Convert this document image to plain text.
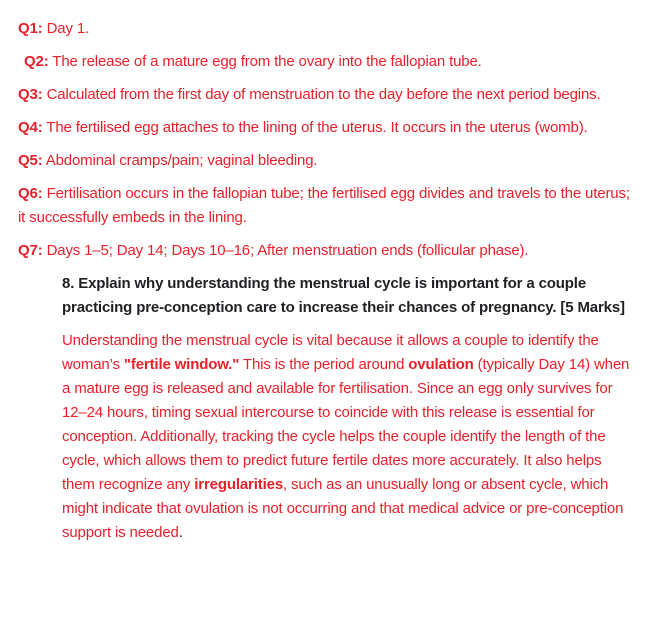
Q1: Day 1.

Q2: The release of a mature egg from the ovary into the fallopian tube.

Q3: Calculated from the first day of menstruation to the day before the next period begins.

Q4: The fertilised egg attaches to the lining of the uterus. It occurs in the uterus (womb).

Q5: Abdominal cramps/pain; vaginal bleeding.

Q6: Fertilisation occurs in the fallopian tube; the fertilised egg divides and travels to the uterus; it successfully embeds in the lining.

Q7: Days 1–5; Day 14; Days 10–16; After menstruation ends (follicular phase).

8. Explain why understanding the menstrual cycle is important for a couple practicing pre-conception care to increase their chances of pregnancy. [5 Marks]

Understanding the menstrual cycle is vital because it allows a couple to identify the woman’s "fertile window." This is the period around ovulation (typically Day 14) when a mature egg is released and available for fertilisation. Since an egg only survives for 12–24 hours, timing sexual intercourse to coincide with this release is essential for conception. Additionally, tracking the cycle helps the couple identify the length of the cycle, which allows them to predict future fertile dates more accurately. It also helps them recognize any irregularities, such as an unusually long or absent cycle, which might indicate that ovulation is not occurring and that medical advice or pre-conception support is needed.
